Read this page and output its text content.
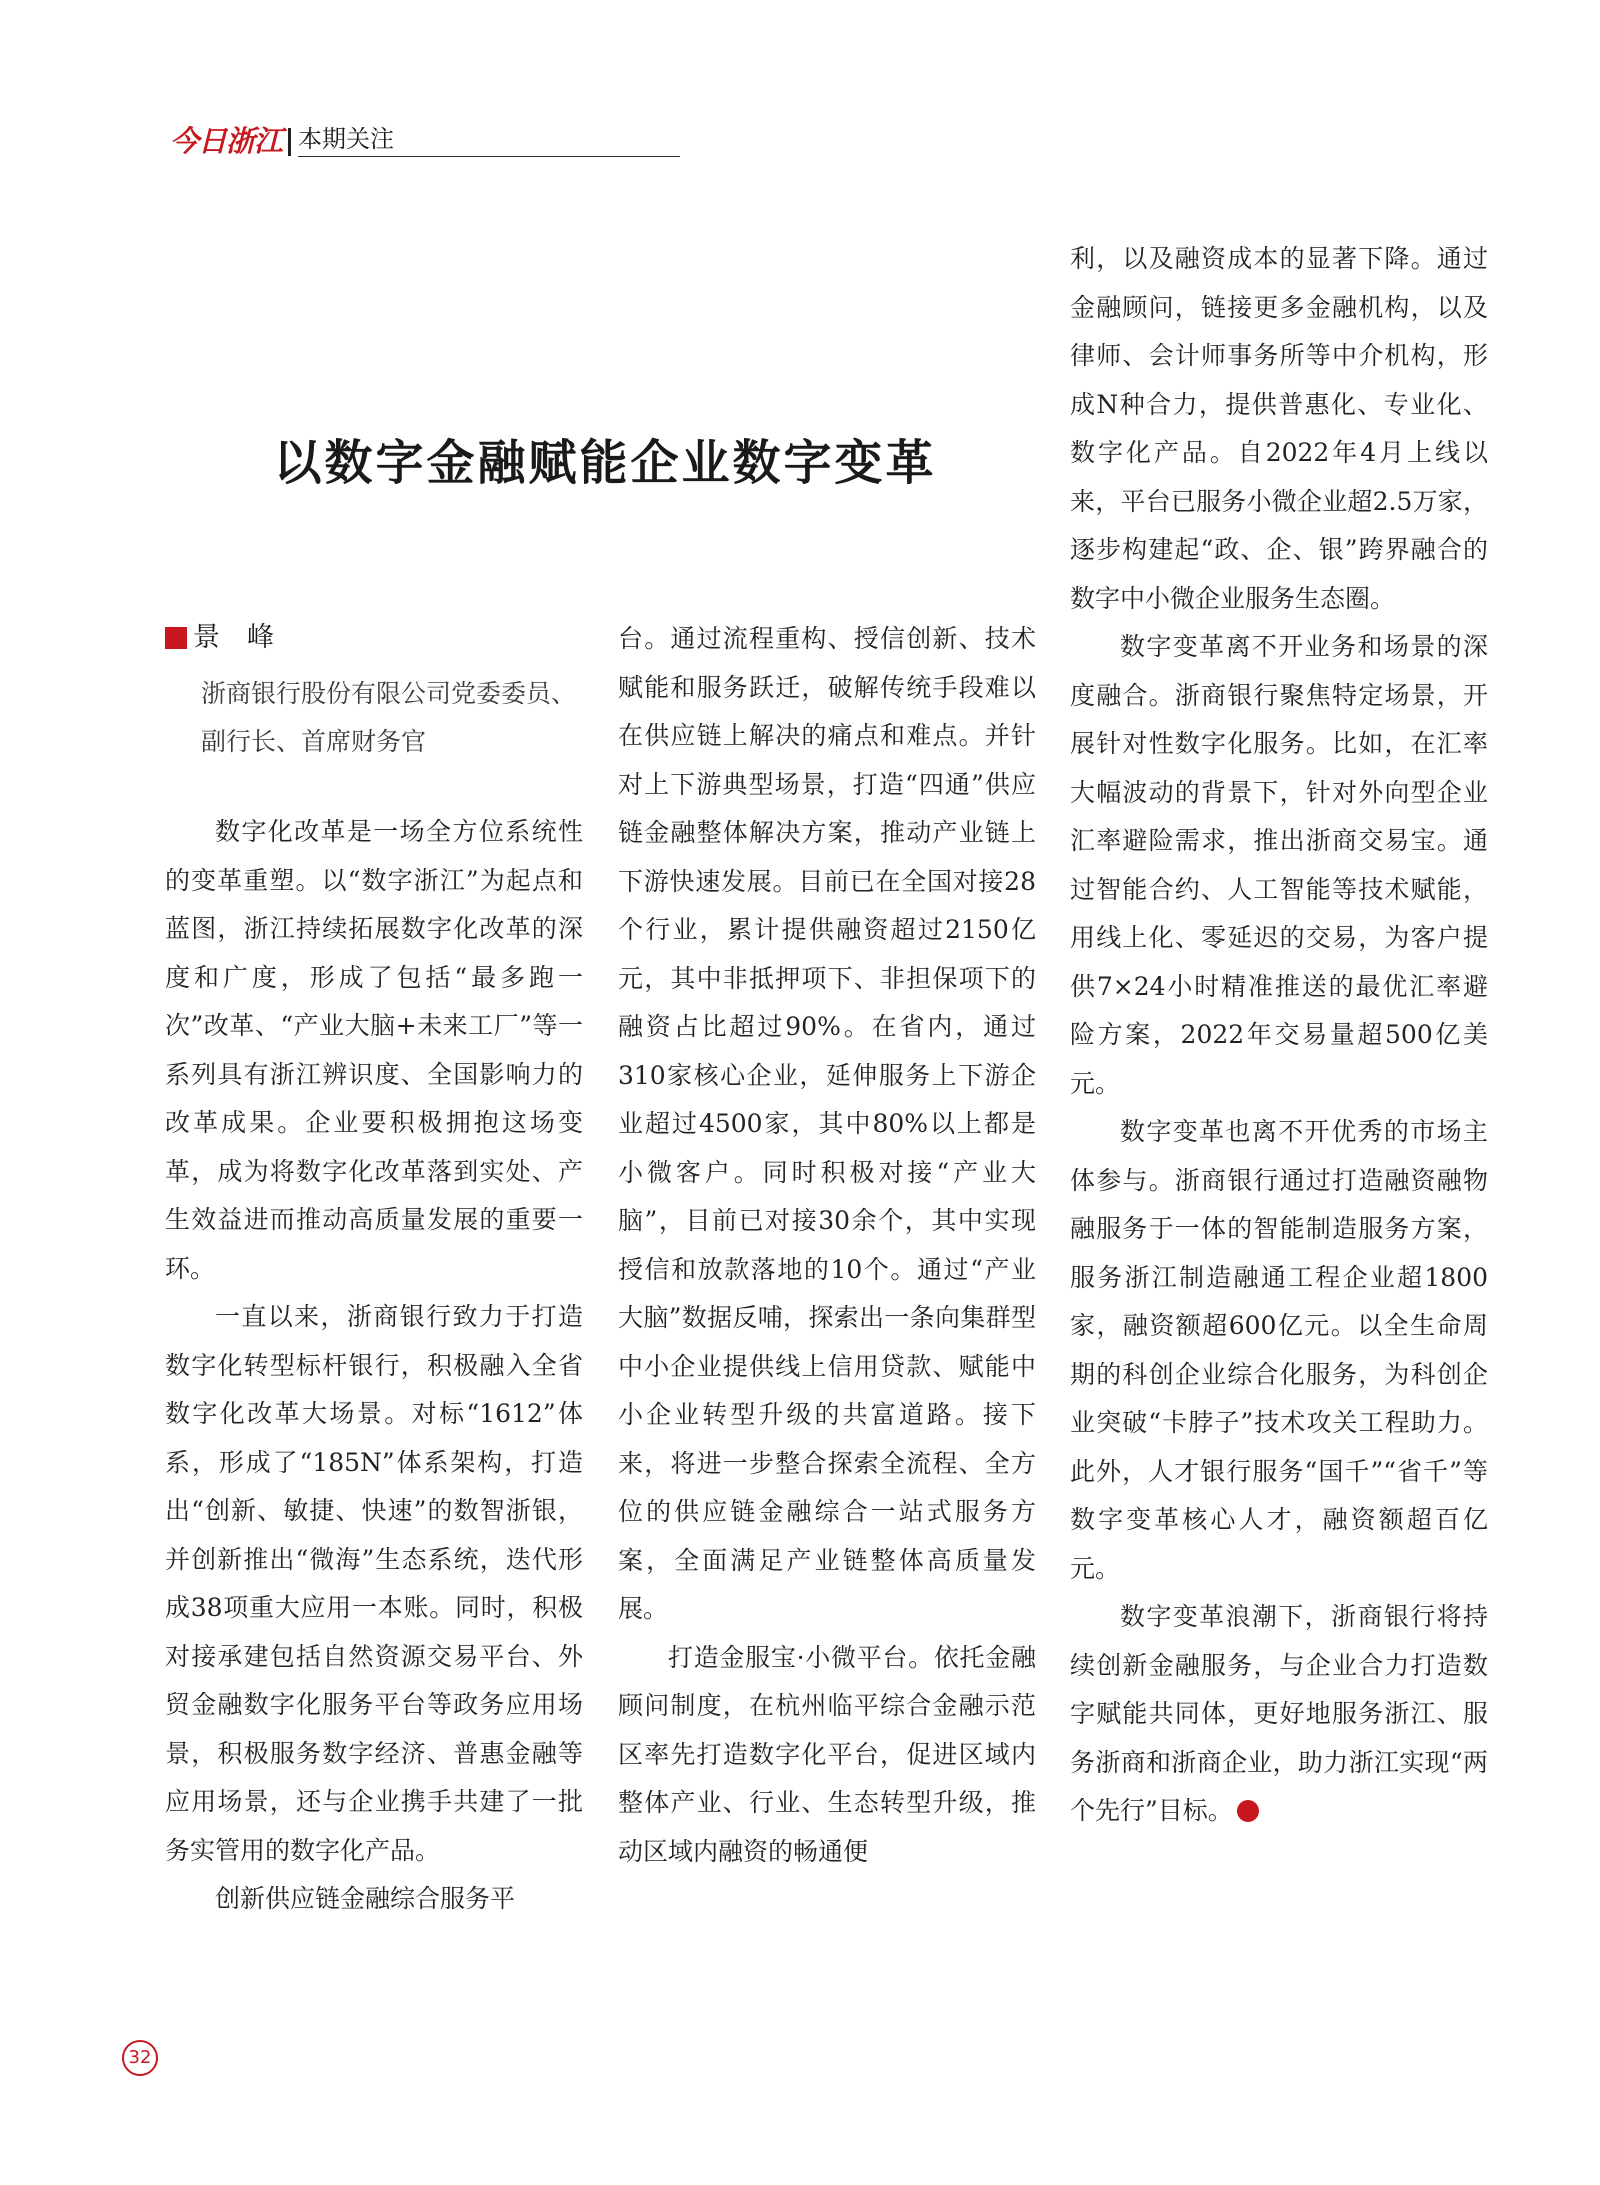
今日浙江 本期关注
以数字金融赋能企业数字变革
景　峰
浙商银行股份有限公司党委委员、副行长、首席财务官

数字化改革是一场全方位系统性的变革重塑。以“数字浙江”为起点和蓝图，浙江持续拓展数字化改革的深度和广度，形成了包括“最多跑一次”改革、“产业大脑+未来工厂”等一系列具有浙江辨识度、全国影响力的改革成果。企业要积极拥抱这场变革，成为将数字化改革落到实处、产生效益进而推动高质量发展的重要一环。

一直以来，浙商银行致力于打造数字化转型标杆银行，积极融入全省数字化改革大场景。对标“1612”体系，形成了“185N”体系架构，打造出“创新、敏捷、快速”的数智浙银，并创新推出“微海”生态系统，迭代形成38项重大应用一本账。同时，积极对接承建包括自然资源交易平台、外贸金融数字化服务平台等政务应用场景，积极服务数字经济、普惠金融等应用场景，还与企业携手共建了一批务实管用的数字化产品。

创新供应链金融综合服务平

台。通过流程重构、授信创新、技术赋能和服务跃迁，破解传统手段难以在供应链上解决的痛点和难点。并针对上下游典型场景，打造“四通”供应链金融整体解决方案，推动产业链上下游快速发展。目前已在全国对接28个行业，累计提供融资超过2150亿元，其中非抵押项下、非担保项下的融资占比超过90%。在省内，通过310家核心企业，延伸服务上下游企业超过4500家，其中80%以上都是小微客户。同时积极对接“产业大脑”，目前已对接30余个，其中实现授信和放款落地的10个。通过“产业大脑”数据反哺，探索出一条向集群型中小企业提供线上信用贷款、赋能中小企业转型升级的共富道路。接下来，将进一步整合探索全流程、全方位的供应链金融综合一站式服务方案，全面满足产业链整体高质量发展。

打造金服宝·小微平台。依托金融顾问制度，在杭州临平综合金融示范区率先打造数字化平台，促进区域内整体产业、行业、生态转型升级，推动区域内融资的畅通便

利，以及融资成本的显著下降。通过金融顾问，链接更多金融机构，以及律师、会计师事务所等中介机构，形成N种合力，提供普惠化、专业化、数字化产品。自2022年4月上线以来，平台已服务小微企业超2.5万家，逐步构建起“政、企、银”跨界融合的数字中小微企业服务生态圈。

数字变革离不开业务和场景的深度融合。浙商银行聚焦特定场景，开展针对性数字化服务。比如，在汇率大幅波动的背景下，针对外向型企业汇率避险需求，推出浙商交易宝。通过智能合约、人工智能等技术赋能，用线上化、零延迟的交易，为客户提供7×24小时精准推送的最优汇率避险方案，2022年交易量超500亿美元。

数字变革也离不开优秀的市场主体参与。浙商银行通过打造融资融物融服务于一体的智能制造服务方案，服务浙江制造融通工程企业超1800家，融资额超600亿元。以全生命周期的科创企业综合化服务，为科创企业突破“卡脖子”技术攻关工程助力。此外，人才银行服务“国千”“省千”等数字变革核心人才，融资额超百亿元。

数字变革浪潮下，浙商银行将持续创新金融服务，与企业合力打造数字赋能共同体，更好地服务浙江、服务浙商和浙商企业，助力浙江实现“两个先行”目标。

32
